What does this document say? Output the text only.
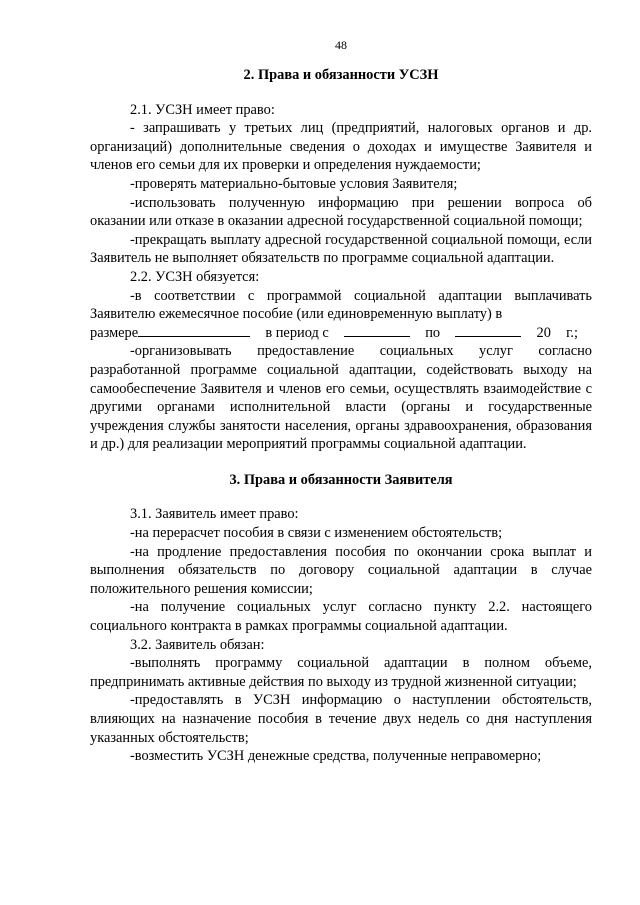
48
2. Права и обязанности УСЗН

2.1. УСЗН имеет право:

- запрашивать у третьих лиц (предприятий, налоговых органов и др. организаций) дополнительные сведения о доходах и имуществе Заявителя и членов его семьи для их проверки и определения нуждаемости;

-проверять материально-бытовые условия Заявителя;

-использовать полученную информацию при решении вопроса об оказании или отказе в оказании адресной государственной социальной помощи;

-прекращать выплату адресной государственной социальной помощи, если Заявитель не выполняет обязательств по программе социальной адаптации.

2.2. УСЗН обязуется:

-в соответствии с программой социальной адаптации выплачивать Заявителю ежемесячное пособие (или единовременную выплату) в

размере	в период с	по	20 г.;

-организовывать предоставление социальных услуг согласно разработанной программе социальной адаптации, содействовать выходу на самообеспечение Заявителя и членов его семьи, осуществлять взаимодействие с другими органами исполнительной власти (органы и государственные учреждения службы занятости населения, органы здравоохранения, образования и др.) для реализации мероприятий программы социальной адаптации.

3. Права и обязанности Заявителя

3.1. Заявитель имеет право:

-на перерасчет пособия в связи с изменением обстоятельств;

-на продление предоставления пособия по окончании срока выплат и выполнения обязательств по договору социальной адаптации в случае положительного решения комиссии;

-на получение социальных услуг согласно пункту 2.2. настоящего социального контракта в рамках программы социальной адаптации.

3.2. Заявитель обязан:

-выполнять программу социальной адаптации в полном объеме, предпринимать активные действия по выходу из трудной жизненной ситуации;

-предоставлять в УСЗН информацию о наступлении обстоятельств, влияющих на назначение пособия в течение двух недель со дня наступления указанных обстоятельств;

-возместить УСЗН денежные средства, полученные неправомерно;
